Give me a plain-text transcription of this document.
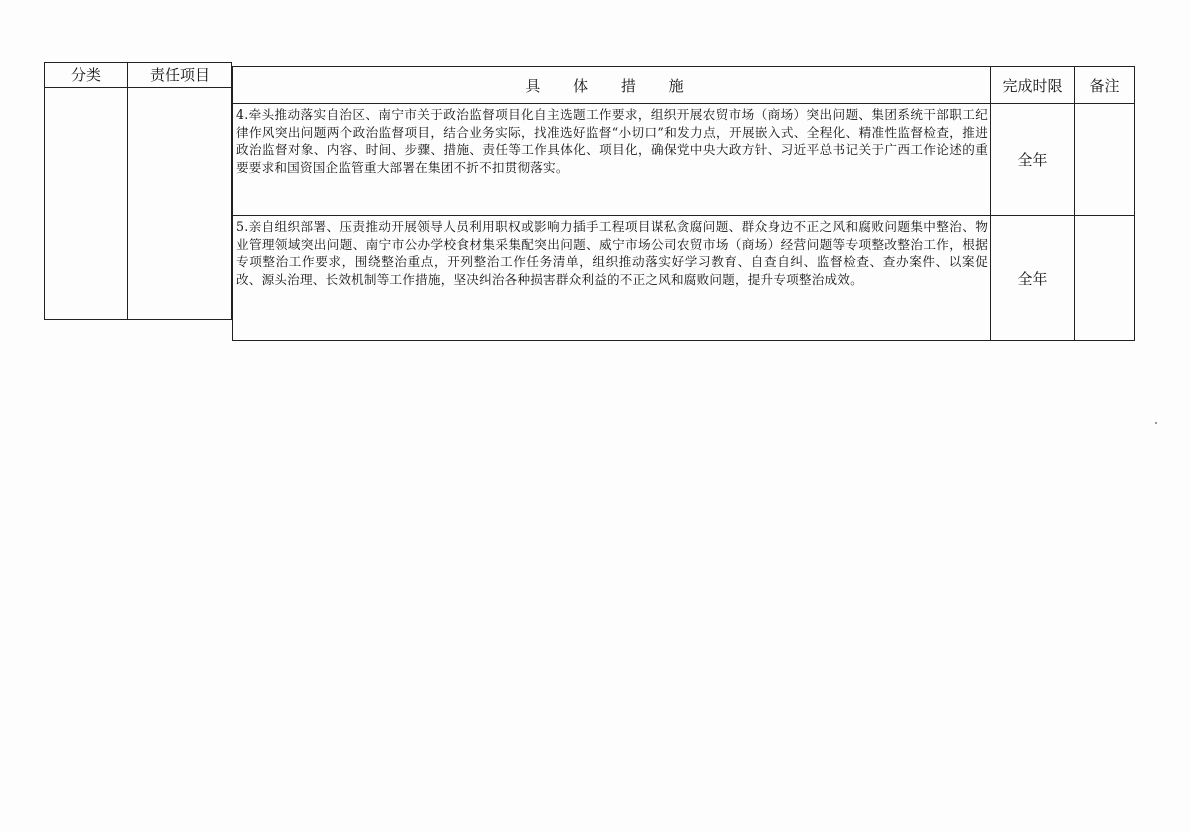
分类	责任项目
具 体 措 施	完成时限	备注
4.牵头推动落实自治区、南宁市关于政治监督项目化自主选题工作要求，组织开展农贸市场（商场）突出问题、集团系统干部职工纪律作风突出问题两个政治监督项目，结合业务实际，找准选好监督“小切口”和发力点，开展嵌入式、全程化、精准性监督检查，推进政治监督对象、内容、时间、步骤、措施、责任等工作具体化、项目化，确保党中央大政方针、习近平总书记关于广西工作论述的重要要求和国资国企监管重大部署在集团不折不扣贯彻落实。	全年	
5.亲自组织部署、压责推动开展领导人员利用职权或影响力插手工程项目谋私贪腐问题、群众身边不正之风和腐败问题集中整治、物业管理领域突出问题、南宁市公办学校食材集采集配突出问题、威宁市场公司农贸市场（商场）经营问题等专项整改整治工作，根据专项整治工作要求，围绕整治重点，开列整治工作任务清单，组织推动落实好学习教育、自查自纠、监督检查、查办案件、以案促改、源头治理、长效机制等工作措施，坚决纠治各种损害群众利益的不正之风和腐败问题，提升专项整治成效。	全年	
